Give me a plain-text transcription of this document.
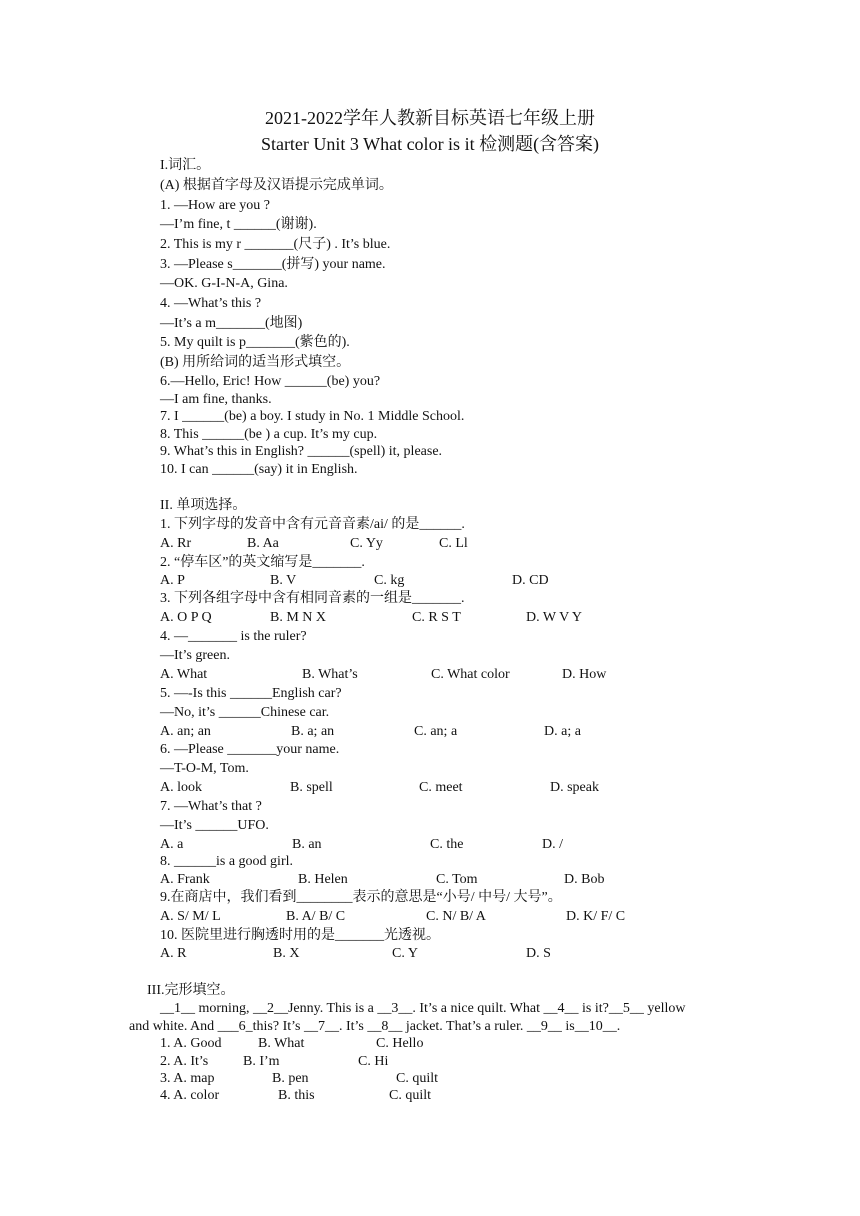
2021-2022学年人教新目标英语七年级上册
Starter Unit 3 What color is it 检测题(含答案)
I.词汇。
(A) 根据首字母及汉语提示完成单词。
1. —How are you ?
—I’m fine, t ______(谢谢).
2. This is my r _______(尺子) . It’s blue.
3. —Please s_______(拼写) your name.
—OK. G-I-N-A, Gina.
4. —What’s this ?
—It’s a m_______(地图)
5. My quilt is p_______(紫色的).
(B) 用所给词的适当形式填空。
6.—Hello, Eric! How ______(be) you?
—I am fine, thanks.
7. I ______(be) a boy. I study in No. 1 Middle School.
8. This ______(be ) a cup. It’s my cup.
9. What’s this in English? ______(spell) it, please.
10. I can ______(say) it in English.
II. 单项选择。
1. 下列字母的发音中含有元音音素/ai/ 的是______.
A. Rr	B. Aa	C. Yy	C. Ll
2. “停车区”的英文缩写是_______.
A. P	B. V	C. kg	D. CD
3. 下列各组字母中含有相同音素的一组是_______.
A. O P Q	B. M N X	C. R S T	D. W V Y
4. —_______ is the ruler?
—It’s green.
A. What	B. What’s	C. What color	D. How
5. —-Is this ______English car?
—No, it’s ______Chinese car.
A. an; an	B. a; an	C. an; a	D. a; a
6. —Please _______your name.
—T-O-M, Tom.
A. look	B. spell	C. meet	D. speak
7. —What’s that ?
—It’s ______UFO.
A. a	B. an	C. the	D. /
8. ______is a good girl.
A. Frank	B. Helen	C. Tom	D. Bob
9.在商店中，我们看到________表示的意思是“小号/ 中号/ 大号”。
A. S/ M/ L	B. A/ B/ C	C. N/ B/ A	D. K/ F/ C
10. 医院里进行胸透时用的是_______光透视。
A. R	B. X	C. Y	D. S
III.完形填空。
__1__ morning, __2__Jenny. This is a __3__. It’s a nice quilt. What __4__ is it?__5__ yellow
and white. And ___6_this? It’s __7__. It’s __8__ jacket. That’s a ruler. __9__ is__10__.
1. A. Good	B. What	C. Hello
2. A. It’s B. I’m	C. Hi
3. A. map	B. pen	C. quilt
4. A. color	B. this	C. quilt
